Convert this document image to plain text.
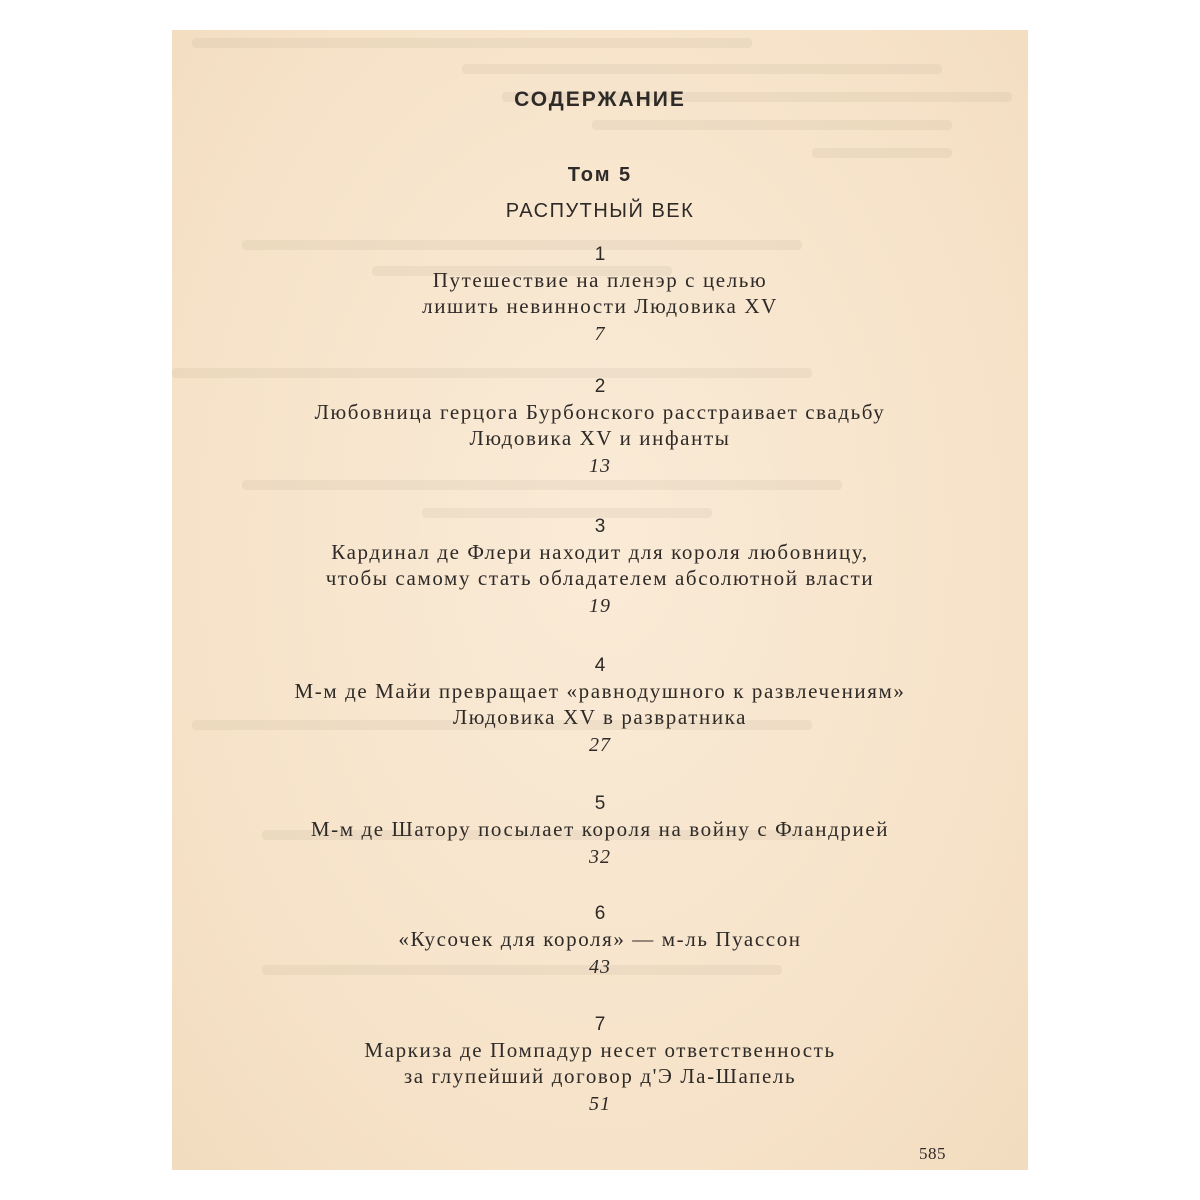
СОДЕРЖАНИЕ
Том 5
РАСПУТНЫЙ ВЕК
1
Путешествие на пленэр с целью
лишить невинности Людовика XV
7
2
Любовница герцога Бурбонского расстраивает свадьбу
Людовика XV и инфанты
13
3
Кардинал де Флери находит для короля любовницу,
чтобы самому стать обладателем абсолютной власти
19
4
М-м де Майи превращает «равнодушного к развлечениям»
Людовика XV в развратника
27
5
М-м де Шатору посылает короля на войну с Фландрией
32
6
«Кусочек для короля» — м-ль Пуассон
43
7
Маркиза де Помпадур несет ответственность
за глупейший договор д'Э Ла-Шапель
51
585
